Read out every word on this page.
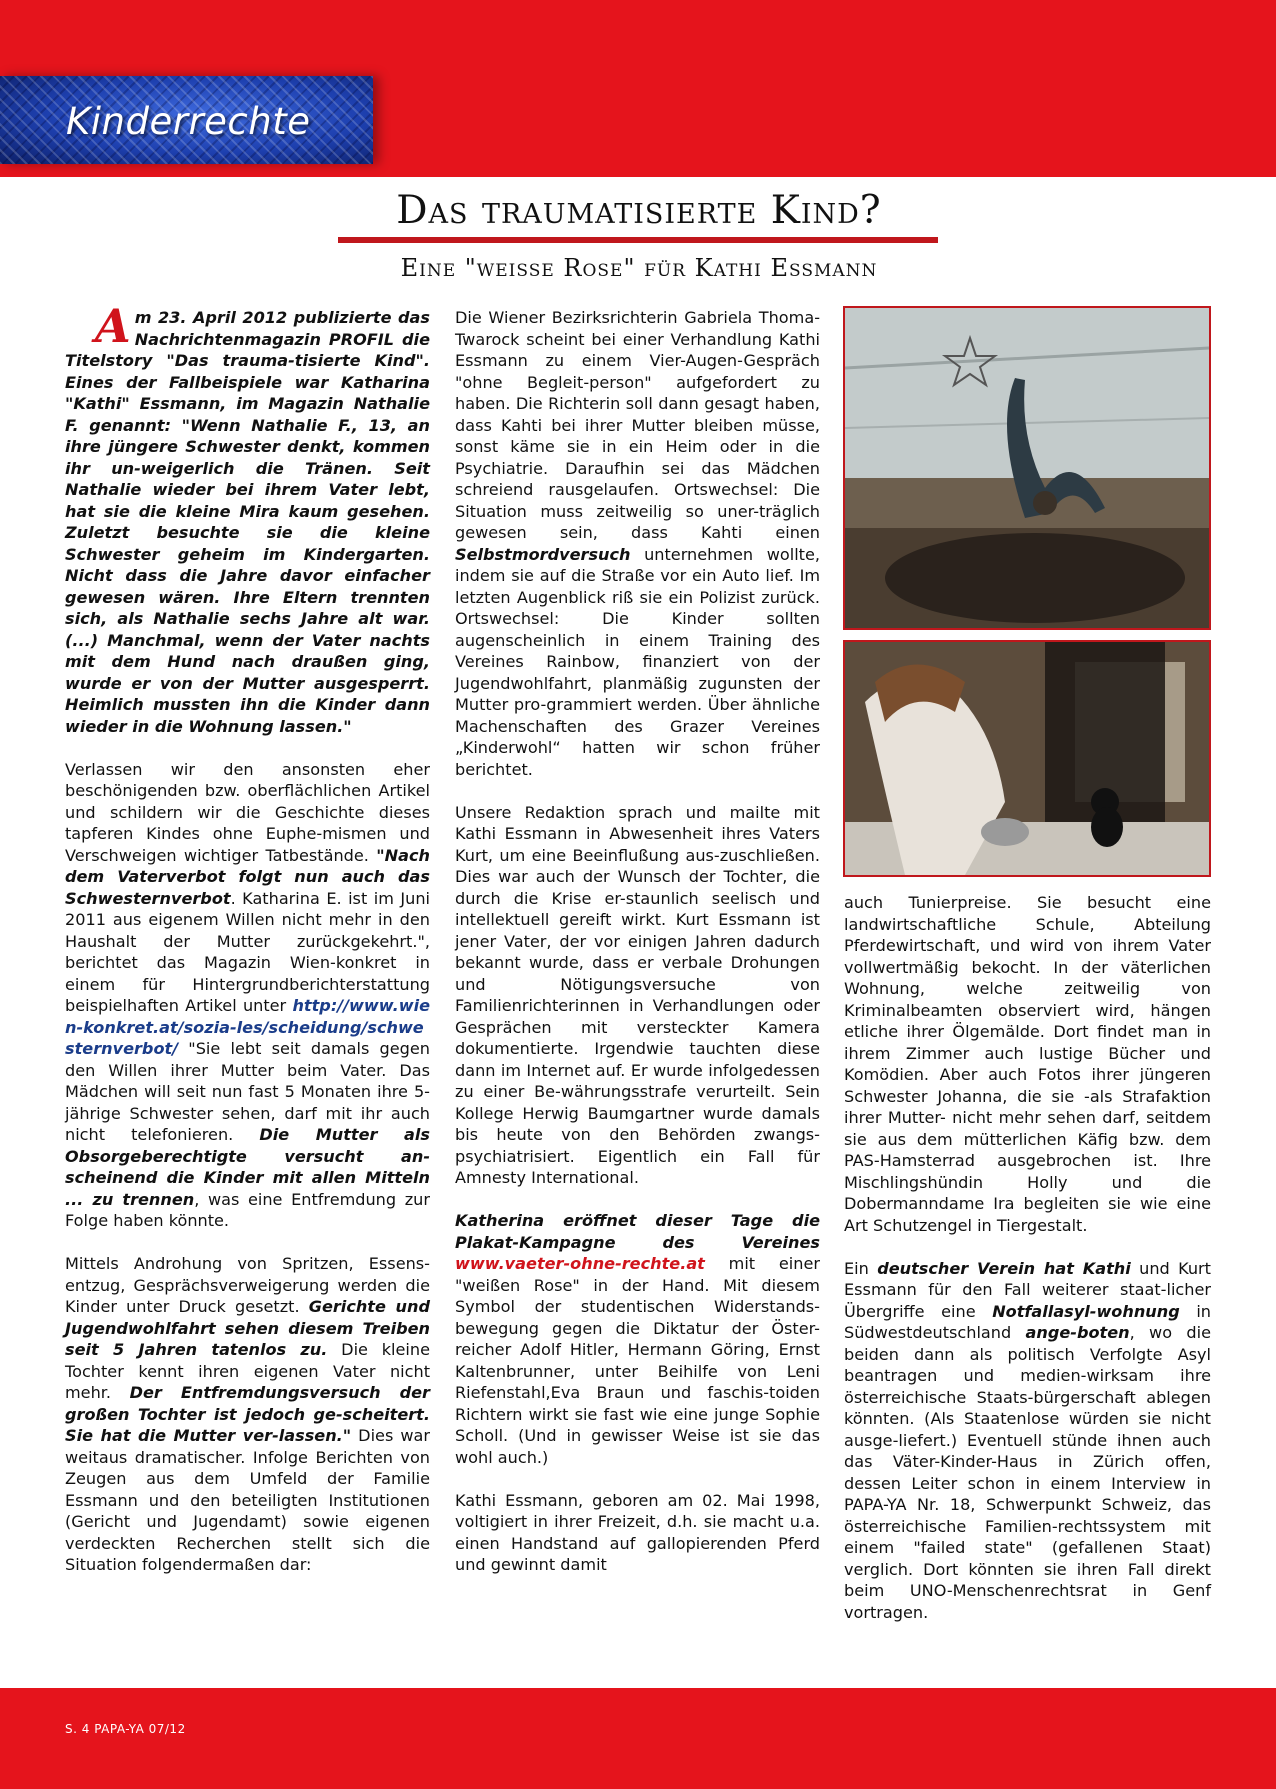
Kinderrechte
Das traumatisierte Kind?
Eine "weisse Rose" für Kathi Essmann

Am 23. April 2012 publizierte das Nachrichtenmagazin PROFIL die Titelstory "Das trauma-tisierte Kind". Eines der Fallbeispiele war Katharina "Kathi" Essmann, im Magazin Nathalie F. genannt: "Wenn Nathalie F., 13, an ihre jüngere Schwester denkt, kommen ihr un-weigerlich die Tränen. Seit Nathalie wieder bei ihrem Vater lebt, hat sie die kleine Mira kaum gesehen. Zuletzt besuchte sie die kleine Schwester geheim im Kindergarten. Nicht dass die Jahre davor einfacher gewesen wären. Ihre Eltern trennten sich, als Nathalie sechs Jahre alt war. (...) Manchmal, wenn der Vater nachts mit dem Hund nach draußen ging, wurde er von der Mutter ausgesperrt. Heimlich mussten ihn die Kinder dann wieder in die Wohnung lassen."

Verlassen wir den ansonsten eher beschönigenden bzw. oberflächlichen Artikel und schildern wir die Geschichte dieses tapferen Kindes ohne Euphe-mismen und Verschweigen wichtiger Tatbestände. "Nach dem Vaterverbot folgt nun auch das Schwesternverbot. Katharina E. ist im Juni 2011 aus eigenem Willen nicht mehr in den Haushalt der Mutter zurückgekehrt.", berichtet das Magazin Wien-konkret in einem für Hintergrundberichterstattung beispielhaften Artikel unter http://www.wien-konkret.at/sozia-les/scheidung/schwesternverbot/ "Sie lebt seit damals gegen den Willen ihrer Mutter beim Vater. Das Mädchen will seit nun fast 5 Monaten ihre 5-jährige Schwester sehen, darf mit ihr auch nicht telefonieren. Die Mutter als Obsorgeberechtigte versucht an-scheinend die Kinder mit allen Mitteln ... zu trennen, was eine Entfremdung zur Folge haben könnte.

Mittels Androhung von Spritzen, Essens-entzug, Gesprächsverweigerung werden die Kinder unter Druck gesetzt. Gerichte und Jugendwohlfahrt sehen diesem Treiben seit 5 Jahren tatenlos zu. Die kleine Tochter kennt ihren eigenen Vater nicht mehr. Der Entfremdungsversuch der großen Tochter ist jedoch ge-scheitert. Sie hat die Mutter ver-lassen." Dies war weitaus dramatischer. Infolge Berichten von Zeugen aus dem Umfeld der Familie Essmann und den beteiligten Institutionen (Gericht und Jugendamt) sowie eigenen verdeckten Recherchen stellt sich die Situation folgendermaßen dar:

Die Wiener Bezirksrichterin Gabriela Thoma-Twarock scheint bei einer Verhandlung Kathi Essmann zu einem Vier-Augen-Gespräch "ohne Begleit-person" aufgefordert zu haben. Die Richterin soll dann gesagt haben, dass Kahti bei ihrer Mutter bleiben müsse, sonst käme sie in ein Heim oder in die Psychiatrie. Daraufhin sei das Mädchen schreiend rausgelaufen. Ortswechsel: Die Situation muss zeitweilig so uner-träglich gewesen sein, dass Kahti einen Selbstmordversuch unternehmen wollte, indem sie auf die Straße vor ein Auto lief. Im letzten Augenblick riß sie ein Polizist zurück. Ortswechsel: Die Kinder sollten augenscheinlich in einem Training des Vereines Rainbow, finanziert von der Jugendwohlfahrt, planmäßig zugunsten der Mutter pro-grammiert werden. Über ähnliche Machenschaften des Grazer Vereines „Kinderwohl“ hatten wir schon früher berichtet.

Unsere Redaktion sprach und mailte mit Kathi Essmann in Abwesenheit ihres Vaters Kurt, um eine Beeinflußung aus-zuschließen. Dies war auch der Wunsch der Tochter, die durch die Krise er-staunlich seelisch und intellektuell gereift wirkt. Kurt Essmann ist jener Vater, der vor einigen Jahren dadurch bekannt wurde, dass er verbale Drohungen und Nötigungsversuche von Familienrichterinnen in Verhandlungen oder Gesprächen mit versteckter Kamera dokumentierte. Irgendwie tauchten diese dann im Internet auf. Er wurde infolgedessen zu einer Be-währungsstrafe verurteilt. Sein Kollege Herwig Baumgartner wurde damals bis heute von den Behörden zwangs-psychiatrisiert. Eigentlich ein Fall für Amnesty International.

Katherina eröffnet dieser Tage die Plakat-Kampagne des Vereines www.vaeter-ohne-rechte.at mit einer "weißen Rose" in der Hand. Mit diesem Symbol der studentischen Widerstands-bewegung gegen die Diktatur der Öster-reicher Adolf Hitler, Hermann Göring, Ernst Kaltenbrunner, unter Beihilfe von Leni Riefenstahl,Eva Braun und faschis-toiden Richtern wirkt sie fast wie eine junge Sophie Scholl. (Und in gewisser Weise ist sie das wohl auch.)

Kathi Essmann, geboren am 02. Mai 1998, voltigiert in ihrer Freizeit, d.h. sie macht u.a. einen Handstand auf gallopierenden Pferd und gewinnt damit

auch Tunierpreise. Sie besucht eine landwirtschaftliche Schule, Abteilung Pferdewirtschaft, und wird von ihrem Vater vollwertmäßig bekocht. In der väterlichen Wohnung, welche zeitweilig von Kriminalbeamten observiert wird, hängen etliche ihrer Ölgemälde. Dort findet man in ihrem Zimmer auch lustige Bücher und Komödien. Aber auch Fotos ihrer jüngeren Schwester Johanna, die sie -als Strafaktion ihrer Mutter- nicht mehr sehen darf, seitdem sie aus dem mütterlichen Käfig bzw. dem PAS-Hamsterrad ausgebrochen ist. Ihre Mischlingshündin Holly und die Dobermanndame Ira begleiten sie wie eine Art Schutzengel in Tiergestalt.

Ein deutscher Verein hat Kathi und Kurt Essmann für den Fall weiterer staat-licher Übergriffe eine Notfallasyl-wohnung in Südwestdeutschland ange-boten, wo die beiden dann als politisch Verfolgte Asyl beantragen und medien-wirksam ihre österreichische Staats-bürgerschaft ablegen könnten. (Als Staatenlose würden sie nicht ausge-liefert.) Eventuell stünde ihnen auch das Väter-Kinder-Haus in Zürich offen, dessen Leiter schon in einem Interview in PAPA-YA Nr. 18, Schwerpunkt Schweiz, das österreichische Familien-rechtssystem mit einem "failed state" (gefallenen Staat) verglich. Dort könnten sie ihren Fall direkt beim UNO-Menschenrechtsrat in Genf vortragen.

S. 4 PAPA-YA 07/12
